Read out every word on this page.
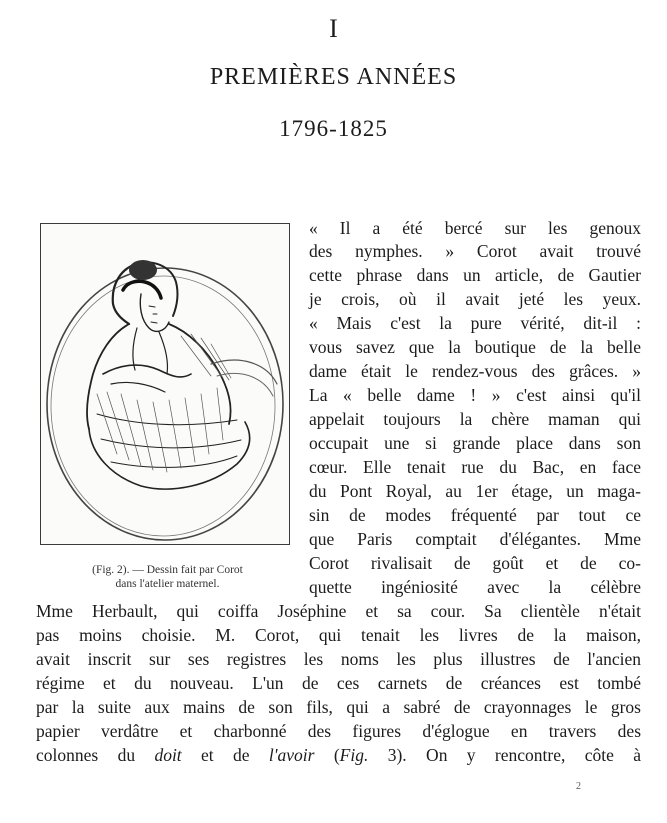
I
PREMIÈRES ANNÉES
1796-1825
(Fig. 2). — Dessin fait par Corot
dans l'atelier maternel.
« Il a été bercé sur les genoux
des nymphes. » Corot avait trouvé
cette phrase dans un article, de Gautier
je crois, où il avait jeté les yeux.
« Mais c'est la pure vérité, dit-il :
vous savez que la boutique de la belle
dame était le rendez-vous des grâces. »
La « belle dame ! » c'est ainsi qu'il
appelait toujours la chère maman qui
occupait une si grande place dans son
cœur. Elle tenait rue du Bac, en face
du Pont Royal, au 1er étage, un maga-
sin de modes fréquenté par tout ce
que Paris comptait d'élégantes. Mme
Corot rivalisait de goût et de co-
quette ingéniosité avec la célèbre
Mme Herbault, qui coiffa Joséphine et sa cour. Sa clientèle n'était
pas moins choisie. M. Corot, qui tenait les livres de la maison,
avait inscrit sur ses registres les noms les plus illustres de l'ancien
régime et du nouveau. L'un de ces carnets de créances est tombé
par la suite aux mains de son fils, qui a sabré de crayonnages le gros
papier verdâtre et charbonné des figures d'églogue en travers des
colonnes du doit et de l'avoir (Fig. 3). On y rencontre, côte à
2
